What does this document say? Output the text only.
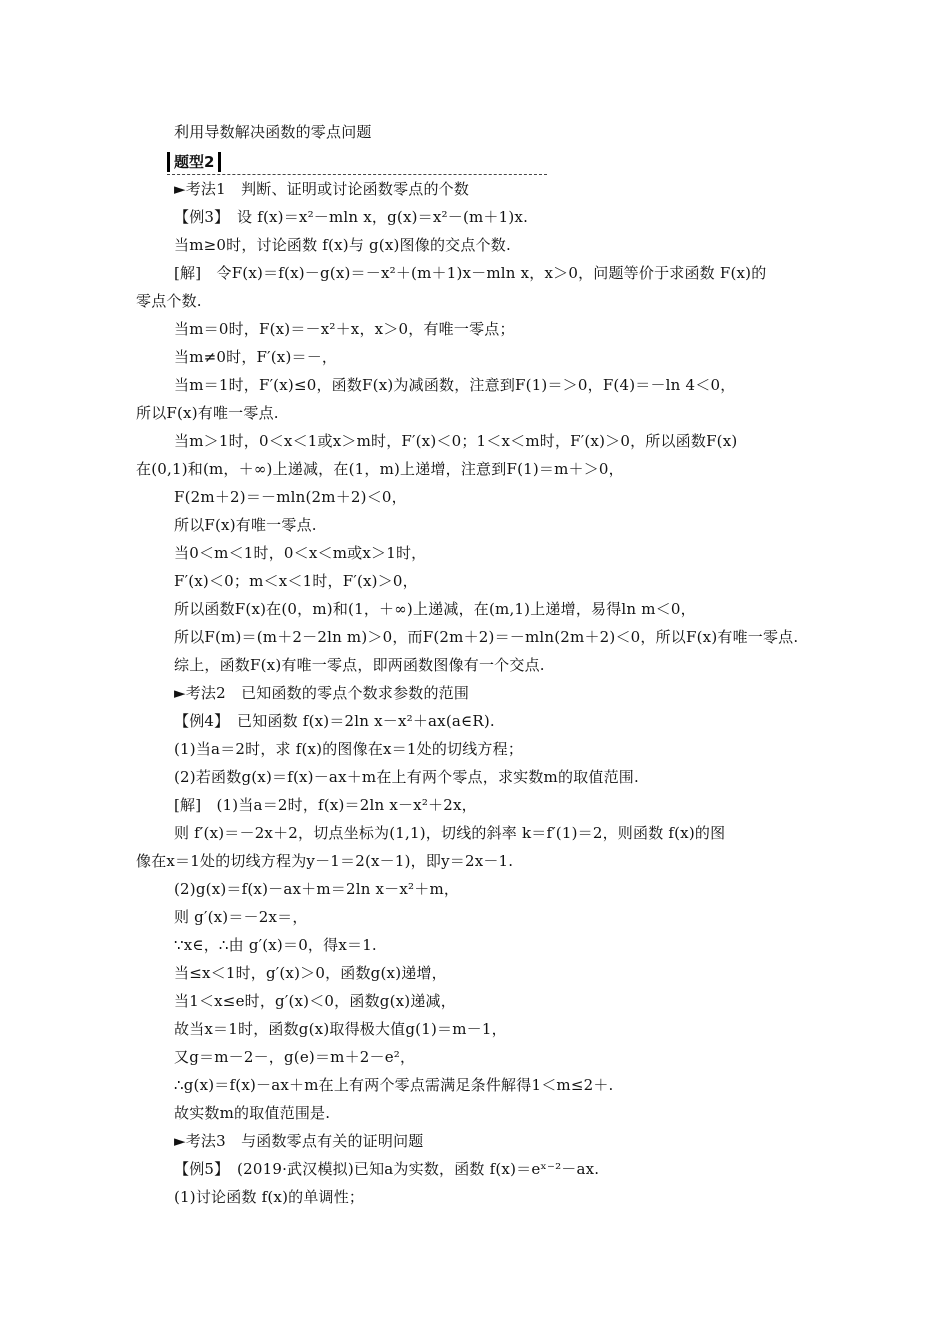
利用导数解决函数的零点问题
题型2
►考法1　判断、证明或讨论函数零点的个数
【例3】　设 f(x)＝x²－mln x，g(x)＝x²－(m＋1)x.
当m≥0时，讨论函数 f(x)与 g(x)图像的交点个数.
[解]　令F(x)＝f(x)－g(x)＝－x²＋(m＋1)x－mln x，x＞0，问题等价于求函数 F(x)的
零点个数.
当m＝0时，F(x)＝－x²＋x，x＞0，有唯一零点；
当m≠0时，F′(x)＝－，
当m＝1时，F′(x)≤0，函数F(x)为减函数，注意到F(1)＝＞0，F(4)＝－ln 4＜0，
所以F(x)有唯一零点.
当m＞1时，0＜x＜1或x＞m时，F′(x)＜0；1＜x＜m时，F′(x)＞0，所以函数F(x)
在(0,1)和(m，＋∞)上递减，在(1，m)上递增，注意到F(1)＝m＋＞0，
F(2m＋2)＝－mln(2m＋2)＜0，
所以F(x)有唯一零点.
当0＜m＜1时，0＜x＜m或x＞1时，
F′(x)＜0；m＜x＜1时，F′(x)＞0，
所以函数F(x)在(0，m)和(1，＋∞)上递减，在(m,1)上递增，易得ln m＜0，
所以F(m)＝(m＋2－2ln m)＞0，而F(2m＋2)＝－mln(2m＋2)＜0，所以F(x)有唯一零点.
综上，函数F(x)有唯一零点，即两函数图像有一个交点.
►考法2　已知函数的零点个数求参数的范围
【例4】　已知函数 f(x)＝2ln x－x²＋ax(a∈R).
(1)当a＝2时，求 f(x)的图像在x＝1处的切线方程；
(2)若函数g(x)＝f(x)－ax＋m在上有两个零点，求实数m的取值范围.
[解]　(1)当a＝2时，f(x)＝2ln x－x²＋2x，
则 f′(x)＝－2x＋2，切点坐标为(1,1)，切线的斜率 k＝f′(1)＝2，则函数 f(x)的图
像在x＝1处的切线方程为y－1＝2(x－1)，即y＝2x－1.
(2)g(x)＝f(x)－ax＋m＝2ln x－x²＋m，
则 g′(x)＝－2x＝，
∵x∈，∴由 g′(x)＝0，得x＝1.
当≤x＜1时，g′(x)＞0，函数g(x)递增，
当1＜x≤e时，g′(x)＜0，函数g(x)递减，
故当x＝1时，函数g(x)取得极大值g(1)＝m－1，
又g＝m－2－，g(e)＝m＋2－e²，
∴g(x)＝f(x)－ax＋m在上有两个零点需满足条件解得1＜m≤2＋.
故实数m的取值范围是.
►考法3　与函数零点有关的证明问题
【例5】　(2019·武汉模拟)已知a为实数，函数 f(x)＝eˣ⁻²－ax.
(1)讨论函数 f(x)的单调性；
